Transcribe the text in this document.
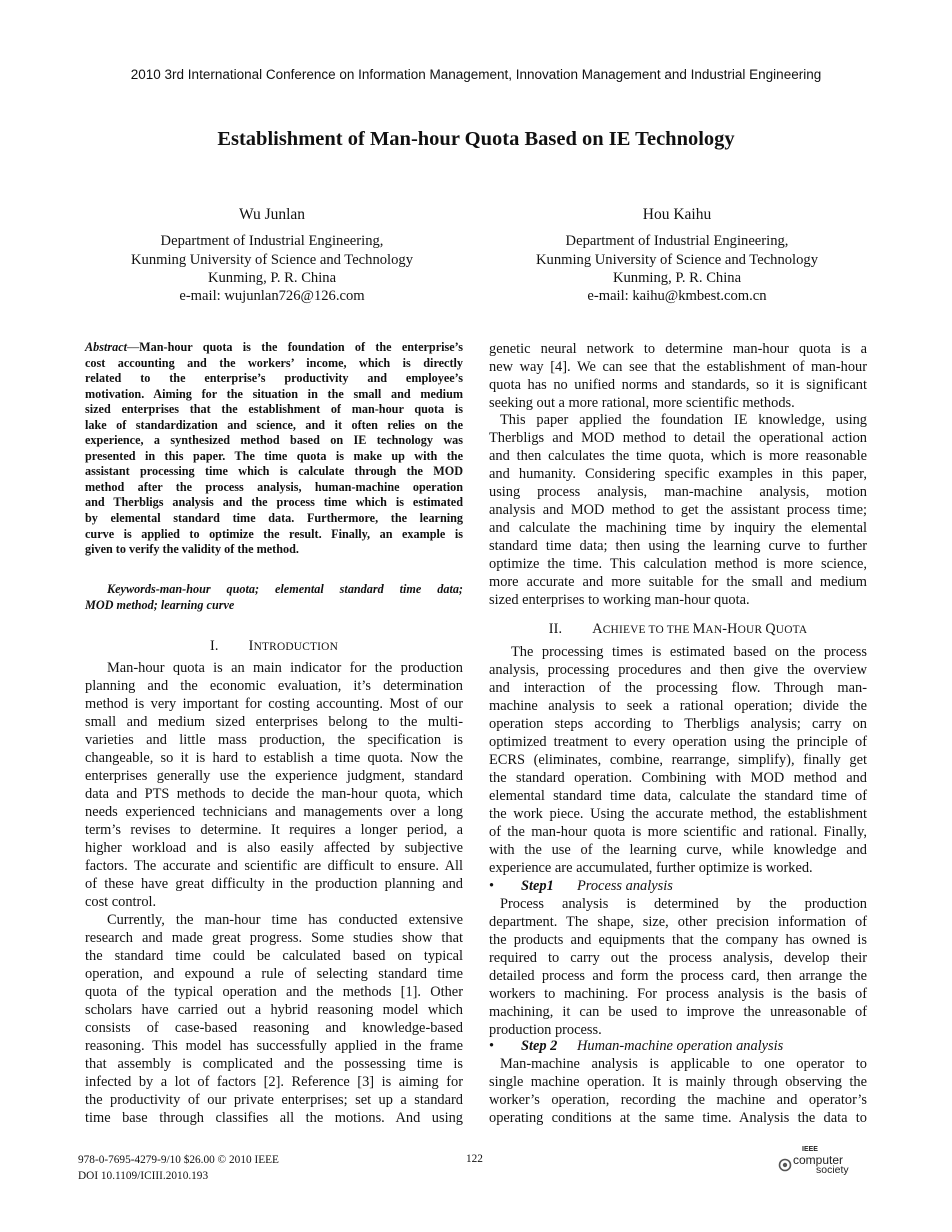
2010 3rd International Conference on Information Management, Innovation Management and Industrial Engineering
Establishment of Man-hour Quota Based on IE Technology
Wu Junlan
Department of Industrial Engineering,
Kunming University of Science and Technology
Kunming, P. R. China
e-mail: wujunlan726@126.com
Hou Kaihu
Department of Industrial Engineering,
Kunming University of Science and Technology
Kunming, P. R. China
e-mail: kaihu@kmbest.com.cn
Abstract—Man-hour quota is the foundation of the enterprise’s
cost accounting and the workers’ income, which is directly
related to the enterprise’s productivity and employee’s
motivation. Aiming for the situation in the small and medium
sized enterprises that the establishment of man-hour quota is
lake of standardization and science, and it often relies on the
experience, a synthesized method based on IE technology was
presented in this paper. The time quota is make up with the
assistant processing time which is calculate through the MOD
method after the process analysis, human-machine operation
and Therbligs analysis and the process time which is estimated
by elemental standard time data. Furthermore, the learning
curve is applied to optimize the result. Finally, an example is
given to verify the validity of the method.
Keywords-man-hour quota; elemental standard time data;
MOD method; learning curve
I. INTRODUCTION
Man-hour quota is an main indicator for the production
planning and the economic evaluation, it’s determination
method is very important for costing accounting. Most of our
small and medium sized enterprises belong to the multi-
varieties and little mass production, the specification is
changeable, so it is hard to establish a time quota. Now the
enterprises generally use the experience judgment, standard
data and PTS methods to decide the man-hour quota, which
needs experienced technicians and managements over a long
term’s revises to determine. It requires a longer period, a
higher workload and is also easily affected by subjective
factors. The accurate and scientific are difficult to ensure. All
of these have great difficulty in the production planning and
cost control.
Currently, the man-hour time has conducted extensive
research and made great progress. Some studies show that
the standard time could be calculated based on typical
operation, and expound a rule of selecting standard time
quota of the typical operation and the methods [1]. Other
scholars have carried out a hybrid reasoning model which
consists of case-based reasoning and knowledge-based
reasoning. This model has successfully applied in the frame
that assembly is complicated and the possessing time is
infected by a lot of factors [2]. Reference [3] is aiming for
the productivity of our private enterprises; set up a standard
time base through classifies all the motions. And using
genetic neural network to determine man-hour quota is a
new way [4]. We can see that the establishment of man-hour
quota has no unified norms and standards, so it is significant
seeking out a more rational, more scientific methods.
This paper applied the foundation IE knowledge, using
Therbligs and MOD method to detail the operational action
and then calculates the time quota, which is more reasonable
and humanity. Considering specific examples in this paper,
using process analysis, man-machine analysis, motion
analysis and MOD method to get the assistant process time;
and calculate the machining time by inquiry the elemental
standard time data; then using the learning curve to further
optimize the time. This calculation method is more science,
more accurate and more suitable for the small and medium
sized enterprises to working man-hour quota.
II. ACHIEVE TO THE MAN-HOUR QUOTA
The processing times is estimated based on the process
analysis, processing procedures and then give the overview
and interaction of the processing flow. Through man-
machine analysis to seek a rational operation; divide the
operation steps according to Therbligs analysis; carry on
optimized treatment to every operation using the principle of
ECRS (eliminates, combine, rearrange, simplify), finally get
the standard operation. Combining with MOD method and
elemental standard time data, calculate the standard time of
the work piece. Using the accurate method, the establishment
of the man-hour quota is more scientific and rational. Finally,
with the use of the learning curve, while knowledge and
experience are accumulated, further optimize is worked.
• Step1 Process analysis
Process analysis is determined by the production
department. The shape, size, other precision information of
the products and equipments that the company has owned is
required to carry out the process analysis, develop their
detailed process and form the process card, then arrange the
workers to machining. For process analysis is the basis of
machining, it can be used to improve the unreasonable of
production process.
• Step 2 Human-machine operation analysis
Man-machine analysis is applicable to one operator to
single machine operation. It is mainly through observing the
worker’s operation, recording the machine and operator’s
operating conditions at the same time. Analysis the data to
978-0-7695-4279-9/10 $26.00 © 2010 IEEE
DOI 10.1109/ICIII.2010.193
122
IEEE
computer
society
